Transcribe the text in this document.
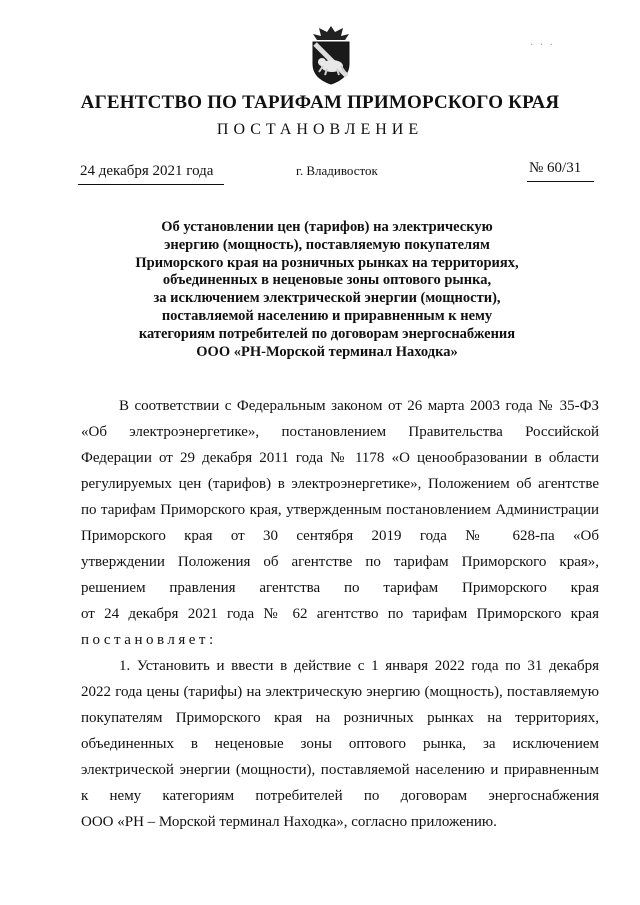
· · ·
АГЕНТСТВО ПО ТАРИФАМ ПРИМОРСКОГО КРАЯ
ПОСТАНОВЛЕНИЕ
24 декабря 2021 года	г. Владивосток	№ 60/31
Об установлении цен (тарифов) на электрическую
энергию (мощность), поставляемую покупателям
Приморского края на розничных рынках на территориях,
объединенных в неценовые зоны оптового рынка,
за исключением электрической энергии (мощности),
поставляемой населению и приравненным к нему
категориям потребителей по договорам энергоснабжения
ООО «РН-Морской терминал Находка»
В соответствии с Федеральным законом от 26 марта 2003 года № 35-ФЗ
«Об электроэнергетике», постановлением Правительства Российской
Федерации от 29 декабря 2011 года № 1178 «О ценообразовании в области
регулируемых цен (тарифов) в электроэнергетике», Положением об агентстве
по тарифам Приморского края, утвержденным постановлением Администрации
Приморского края от 30 сентября 2019 года № 628-па «Об
утверждении Положения об агентстве по тарифам Приморского края»,
решением правления агентства по тарифам Приморского края
от 24 декабря 2021 года № 62 агентство по тарифам Приморского края
постановляет:
1. Установить и ввести в действие с 1 января 2022 года по 31 декабря
2022 года цены (тарифы) на электрическую энергию (мощность), поставляемую
покупателям Приморского края на розничных рынках на территориях,
объединенных в неценовые зоны оптового рынка, за исключением
электрической энергии (мощности), поставляемой населению и приравненным
к нему категориям потребителей по договорам энергоснабжения
ООО «РН – Морской терминал Находка», согласно приложению.
